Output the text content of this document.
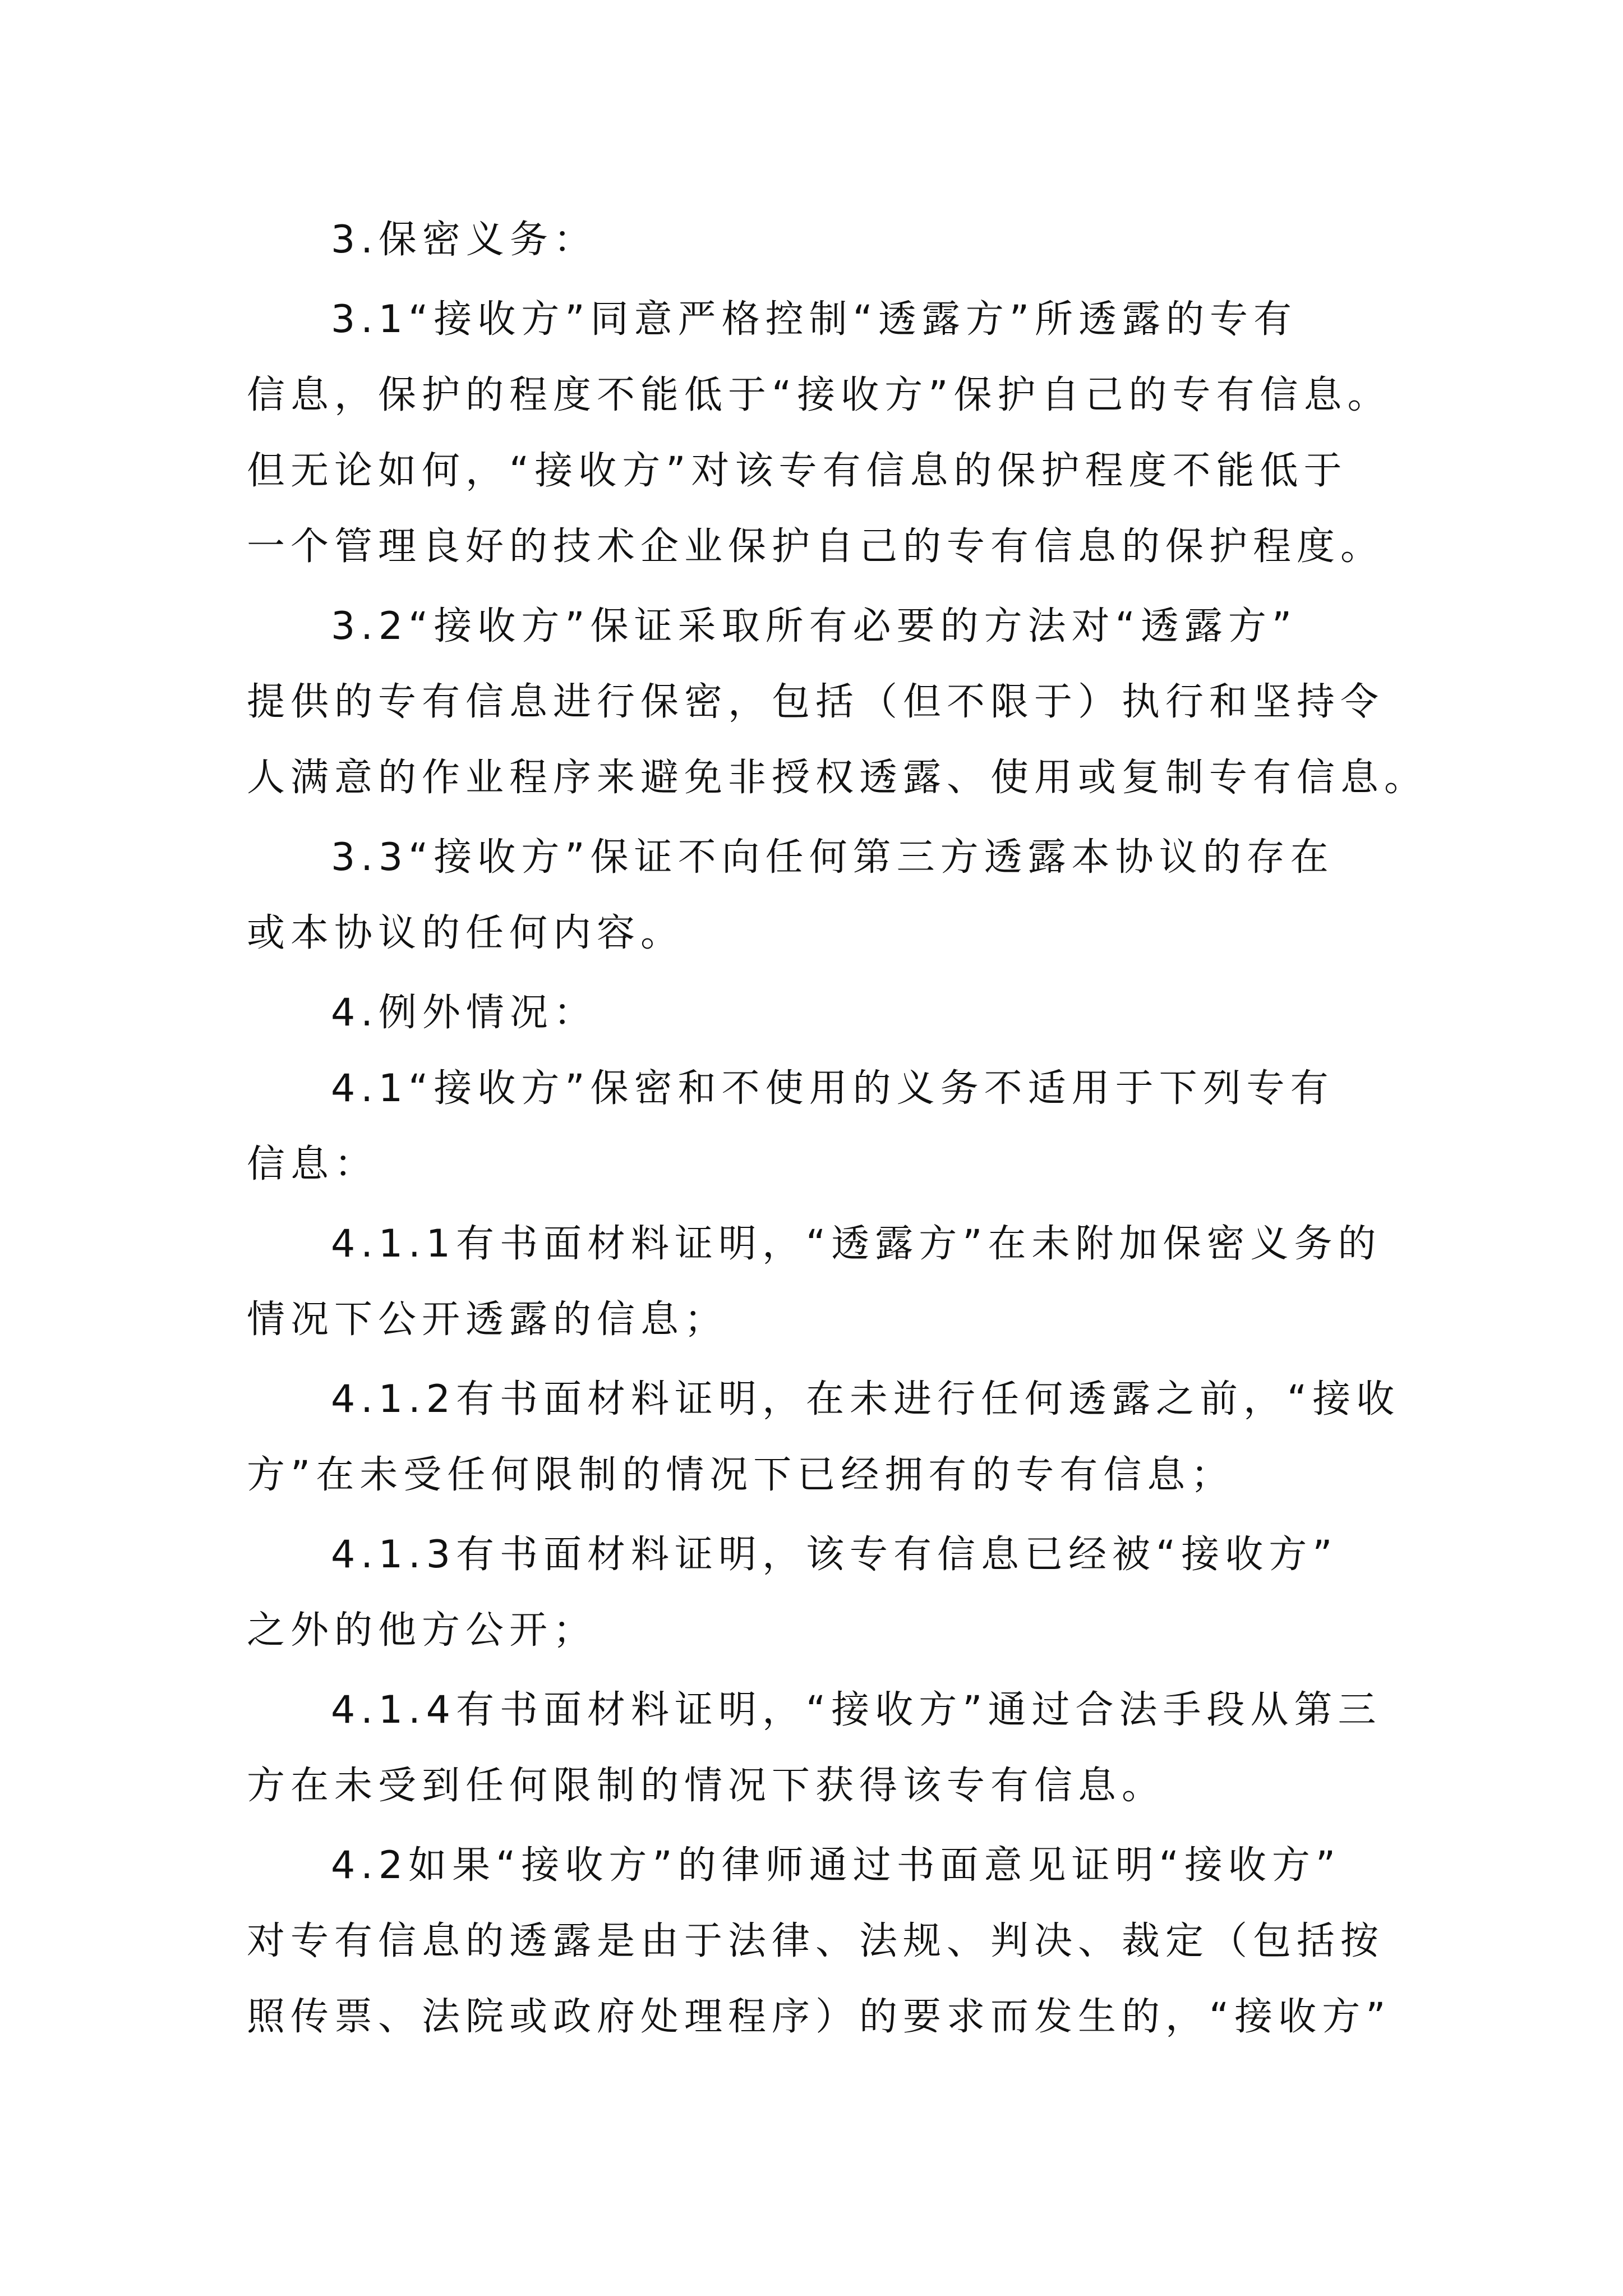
3.保密义务：

3.1“接收方”同意严格控制“透露方”所透露的专有

信息，保护的程度不能低于“接收方”保护自己的专有信息。

但无论如何，“接收方”对该专有信息的保护程度不能低于

一个管理良好的技术企业保护自己的专有信息的保护程度。

3.2“接收方”保证采取所有必要的方法对“透露方”

提供的专有信息进行保密，包括（但不限于）执行和坚持令

人满意的作业程序来避免非授权透露、使用或复制专有信息。

3.3“接收方”保证不向任何第三方透露本协议的存在

或本协议的任何内容。

4.例外情况：

4.1“接收方”保密和不使用的义务不适用于下列专有

信息：

4.1.1有书面材料证明，“透露方”在未附加保密义务的

情况下公开透露的信息；

4.1.2有书面材料证明，在未进行任何透露之前，“接收

方”在未受任何限制的情况下已经拥有的专有信息；

4.1.3有书面材料证明，该专有信息已经被“接收方”

之外的他方公开；

4.1.4有书面材料证明，“接收方”通过合法手段从第三

方在未受到任何限制的情况下获得该专有信息。

4.2如果“接收方”的律师通过书面意见证明“接收方”

对专有信息的透露是由于法律、法规、判决、裁定（包括按

照传票、法院或政府处理程序）的要求而发生的，“接收方”
